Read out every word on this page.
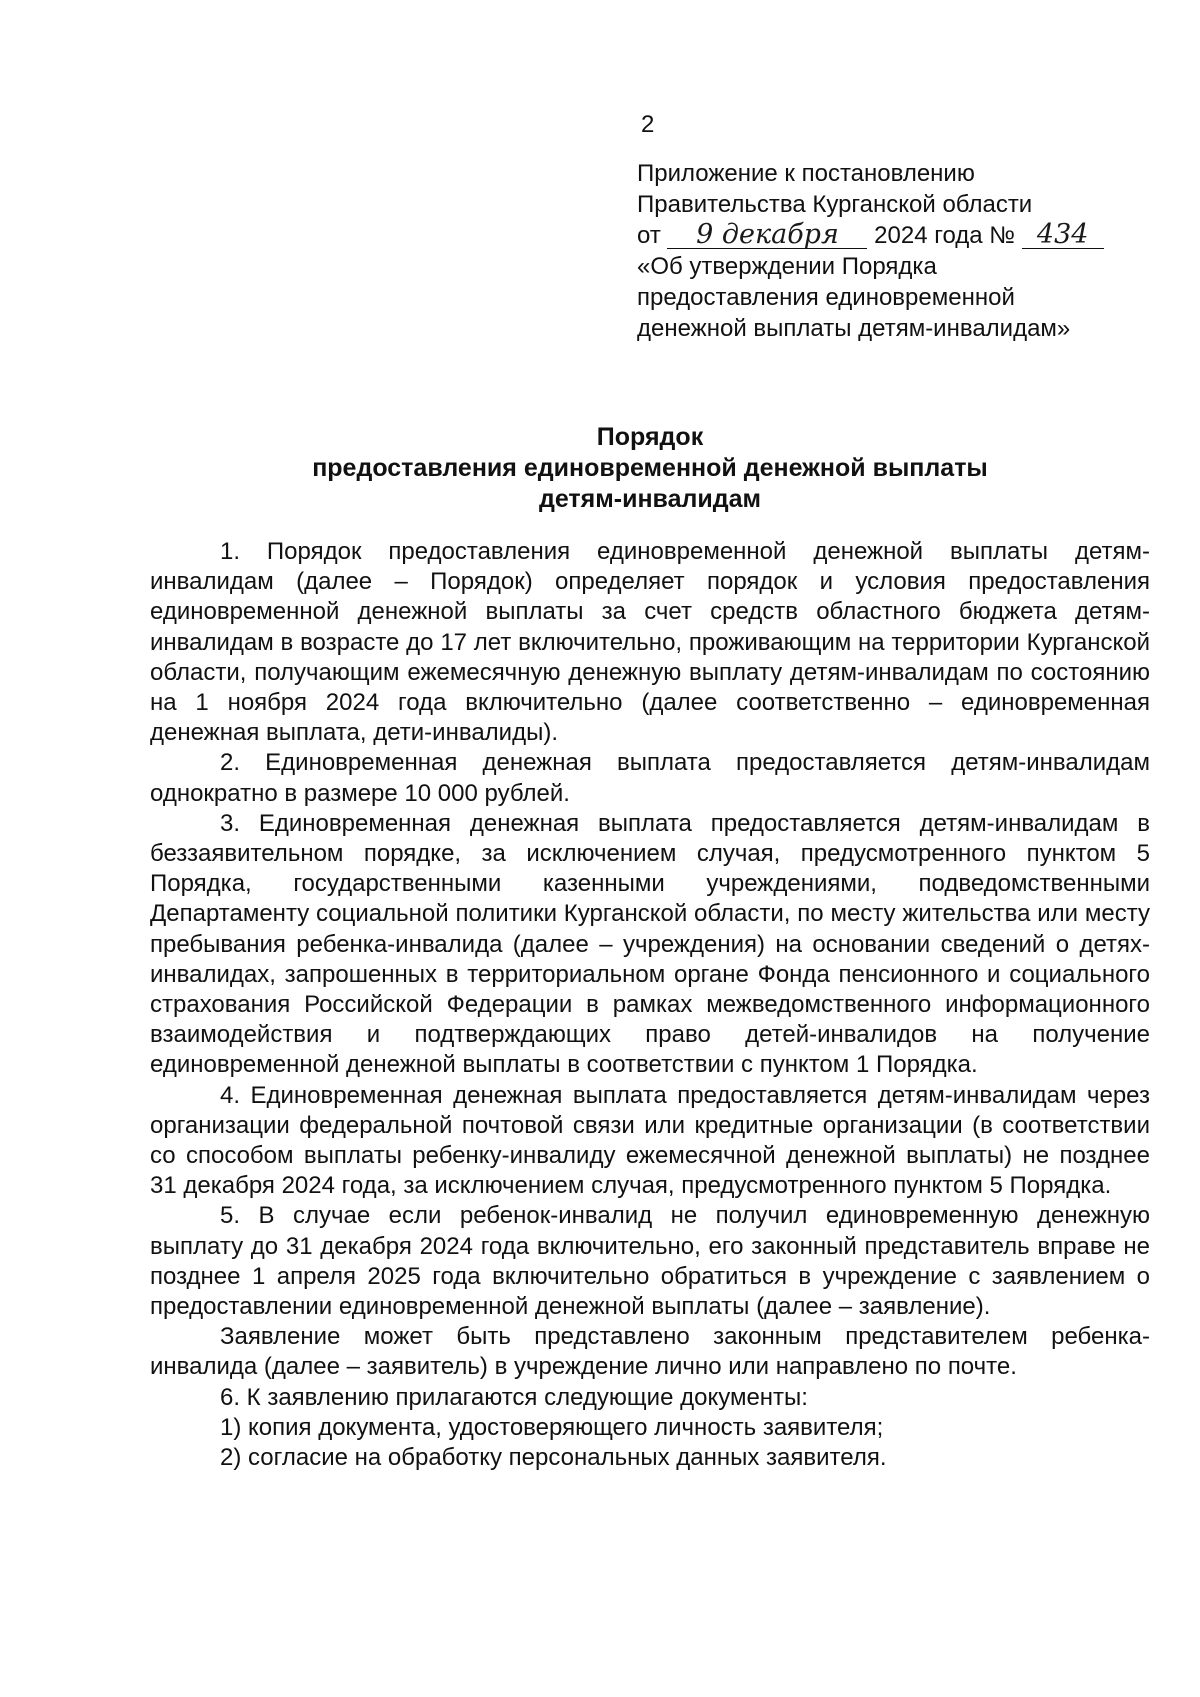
2
Приложение к постановлению
Правительства Курганской области
от 9 декабря 2024 года № 434
«Об утверждении Порядка
предоставления единовременной
денежной выплаты детям-инвалидам»
Порядок
предоставления единовременной денежной выплаты
детям-инвалидам

1. Порядок предоставления единовременной денежной выплаты детям-инвалидам (далее – Порядок) определяет порядок и условия предоставления единовременной денежной выплаты за счет средств областного бюджета детям-инвалидам в возрасте до 17 лет включительно, проживающим на территории Курганской области, получающим ежемесячную денежную выплату детям-инвалидам по состоянию на 1 ноября 2024 года включительно (далее соответственно – единовременная денежная выплата, дети-инвалиды).

2. Единовременная денежная выплата предоставляется детям-инвалидам однократно в размере 10 000 рублей.

3. Единовременная денежная выплата предоставляется детям-инвалидам в беззаявительном порядке, за исключением случая, предусмотренного пунктом 5 Порядка, государственными казенными учреждениями, подведомственными Департаменту социальной политики Курганской области, по месту жительства или месту пребывания ребенка-инвалида (далее – учреждения) на основании сведений о детях-инвалидах, запрошенных в территориальном органе Фонда пенсионного и социального страхования Российской Федерации в рамках межведомственного информационного взаимодействия и подтверждающих право детей-инвалидов на получение единовременной денежной выплаты в соответствии с пунктом 1 Порядка.

4. Единовременная денежная выплата предоставляется детям-инвалидам через организации федеральной почтовой связи или кредитные организации (в соответствии со способом выплаты ребенку-инвалиду ежемесячной денежной выплаты) не позднее 31 декабря 2024 года, за исключением случая, предусмотренного пунктом 5 Порядка.

5. В случае если ребенок-инвалид не получил единовременную денежную выплату до 31 декабря 2024 года включительно, его законный представитель вправе не позднее 1 апреля 2025 года включительно обратиться в учреждение с заявлением о предоставлении единовременной денежной выплаты (далее – заявление).

Заявление может быть представлено законным представителем ребенка-инвалида (далее – заявитель) в учреждение лично или направлено по почте.

6. К заявлению прилагаются следующие документы:

1) копия документа, удостоверяющего личность заявителя;

2) согласие на обработку персональных данных заявителя.
